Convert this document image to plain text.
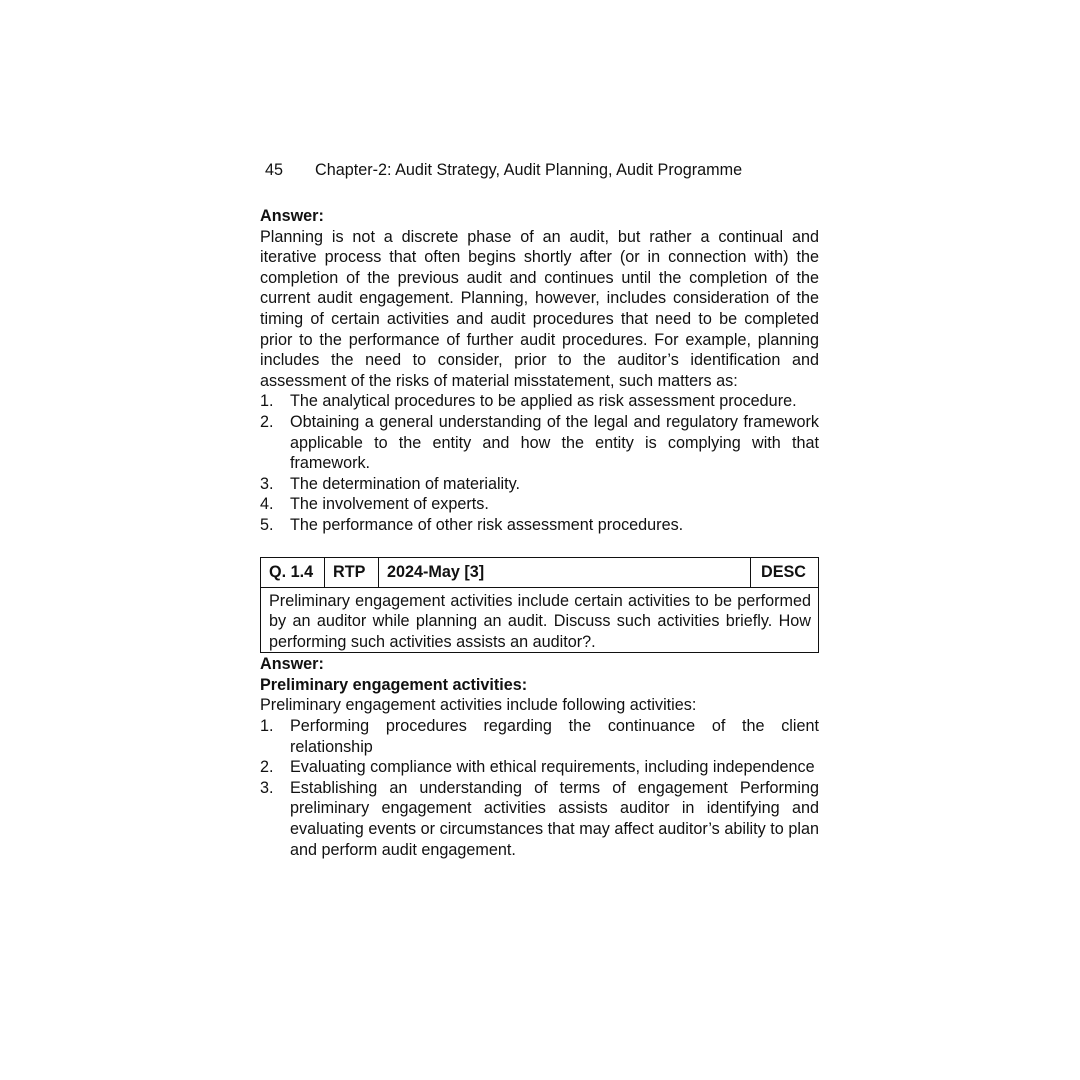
45 Chapter-2: Audit Strategy, Audit Planning, Audit Programme
Answer:

Planning is not a discrete phase of an audit, but rather a continual and iterative process that often begins shortly after (or in connection with) the completion of the previous audit and continues until the completion of the current audit engagement. Planning, however, includes consideration of the timing of certain activities and audit procedures that need to be completed prior to the performance of further audit procedures. For example, planning includes the need to consider, prior to the auditor’s identification and assessment of the risks of material misstatement, such matters as:

1.	The analytical procedures to be applied as risk assessment procedure.
2.	Obtaining a general understanding of the legal and regulatory framework applicable to the entity and how the entity is complying with that framework.
3.	The determination of materiality.
4.	The involvement of experts.
5.	The performance of other risk assessment procedures.
Q. 1.4	RTP	2024-May [3]	DESC
Preliminary engagement activities include certain activities to be performed by an auditor while planning an audit. Discuss such activities briefly. How performing such activities assists an auditor?.
Answer:
Preliminary engagement activities:
Preliminary engagement activities include following activities:
1.	Performing procedures regarding the continuance of the client relationship
2.	Evaluating compliance with ethical requirements, including independence
3.	Establishing an understanding of terms of engagement Performing preliminary engagement activities assists auditor in identifying and evaluating events or circumstances that may affect auditor’s ability to plan and perform audit engagement.
